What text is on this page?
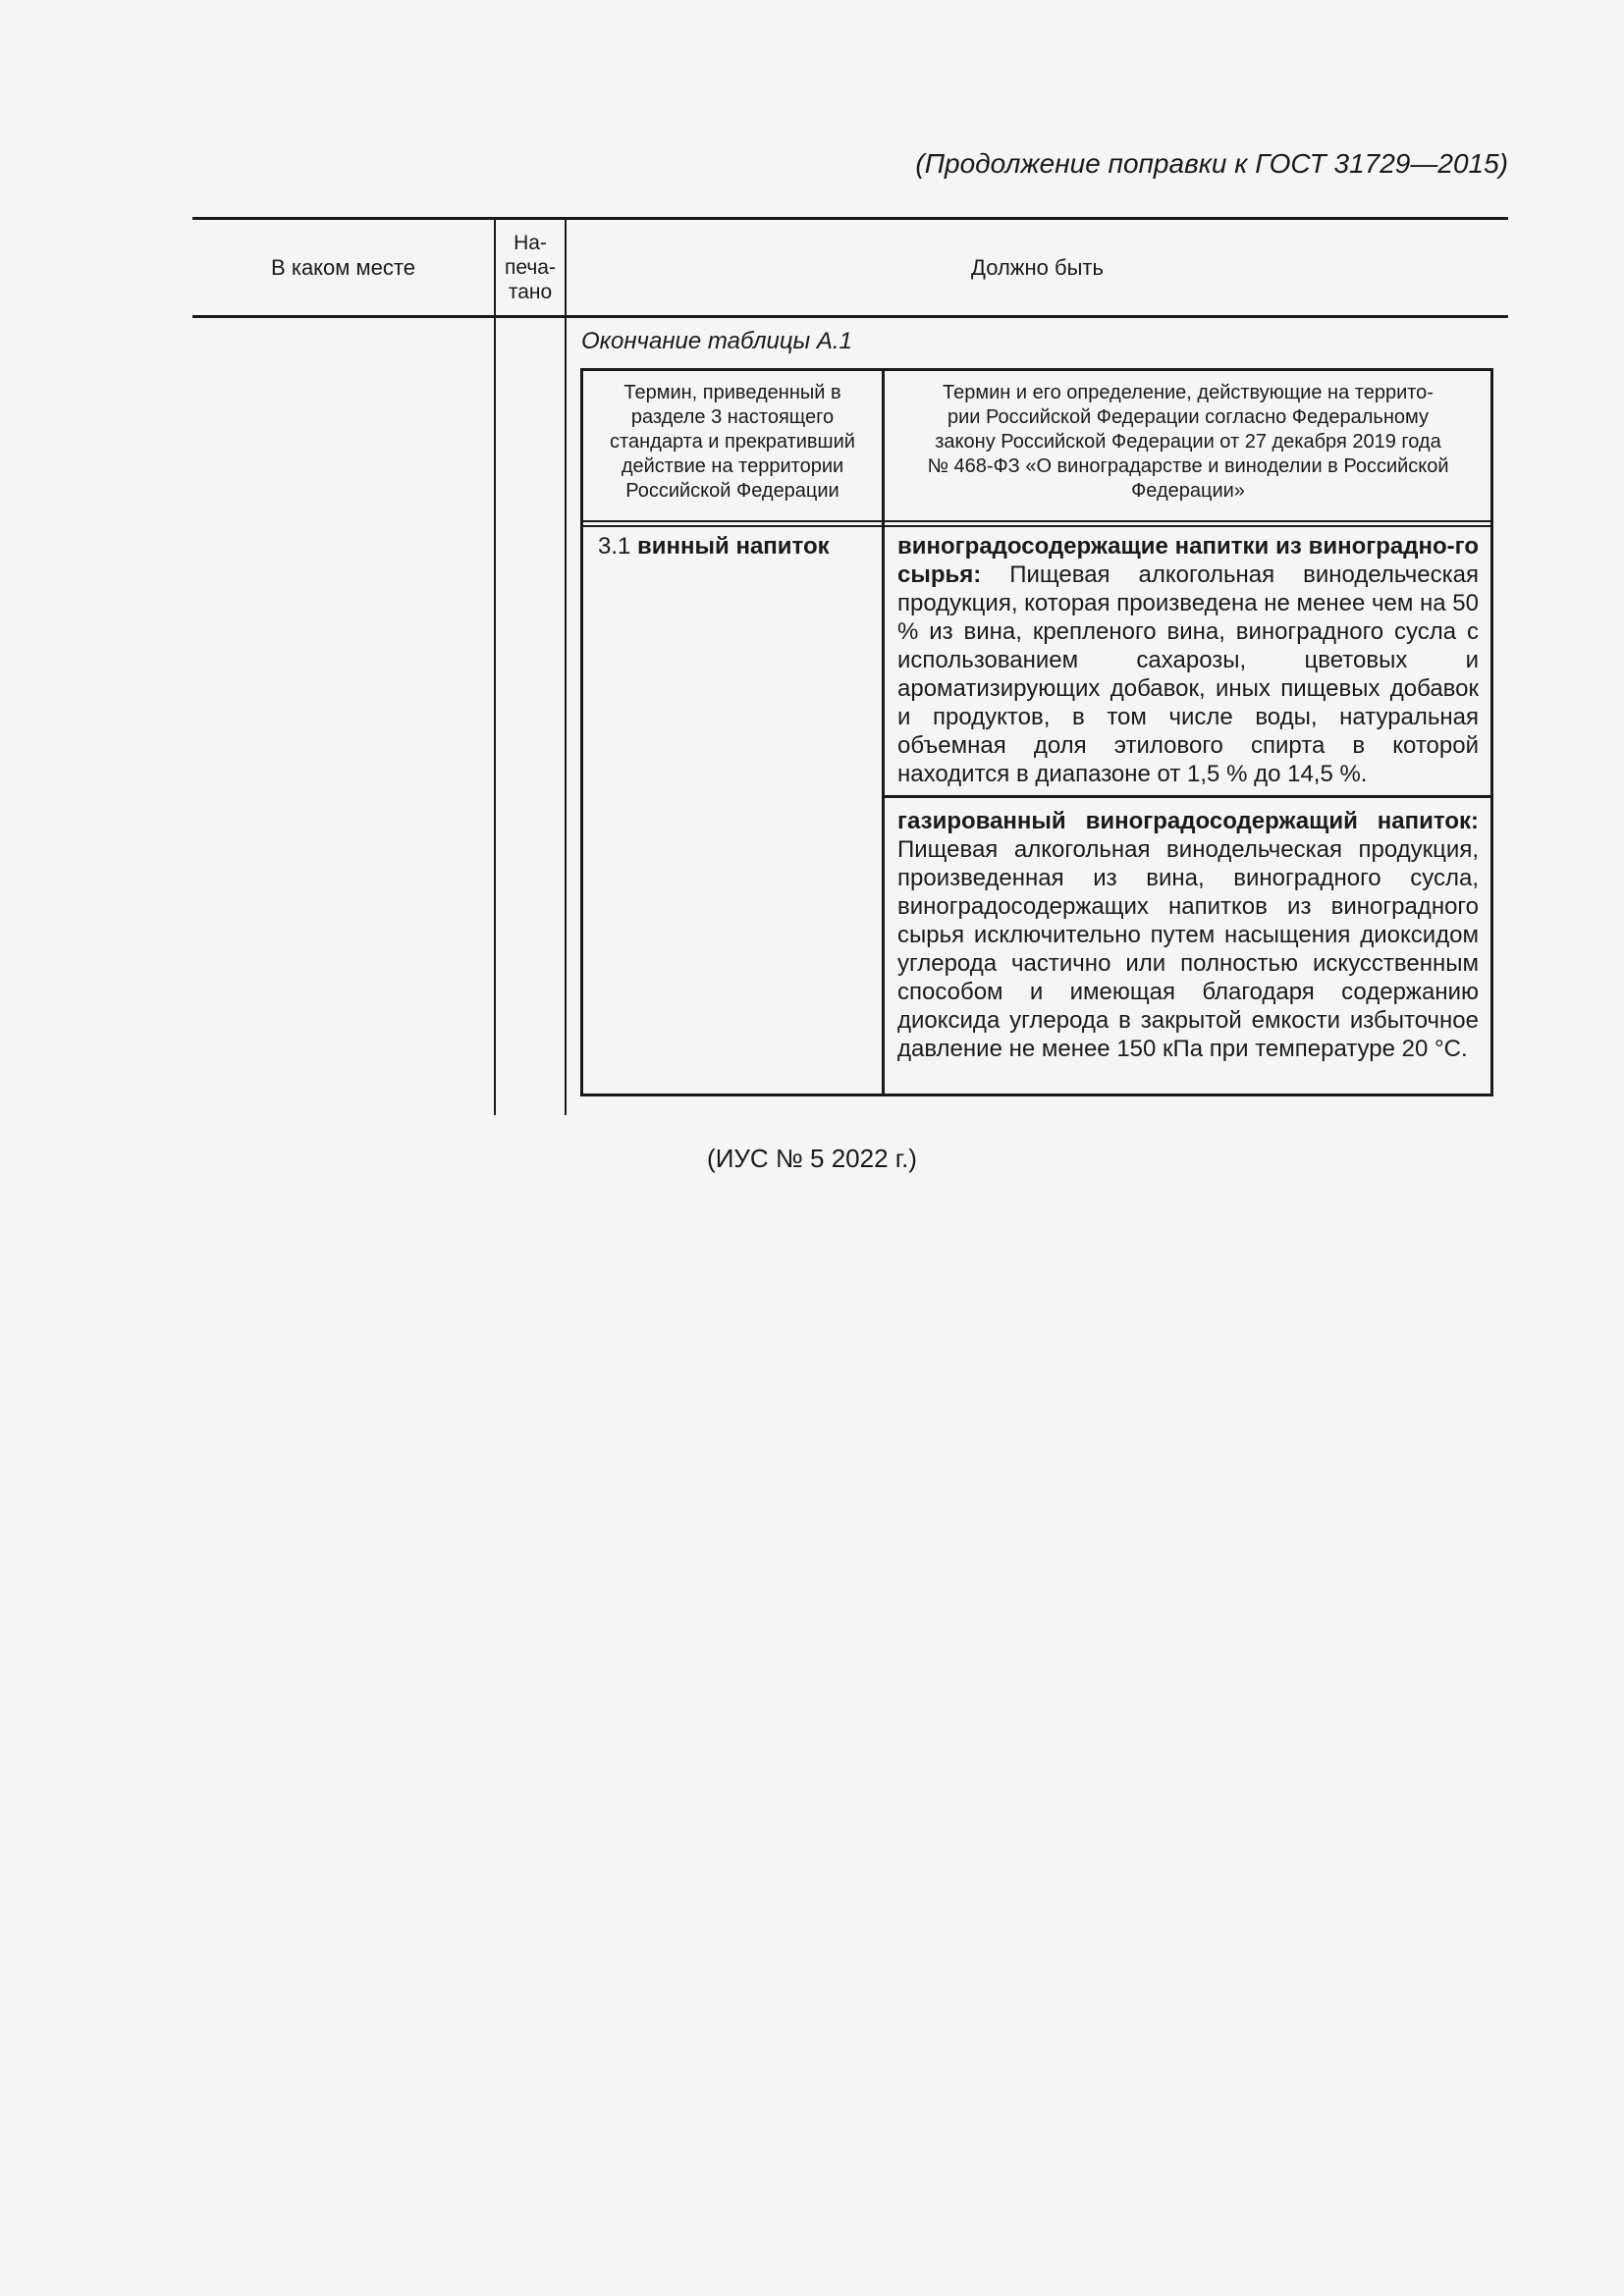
(Продолжение поправки к ГОСТ 31729—2015)
В каком месте
На-
печа-
тано
Должно быть
Окончание таблицы А.1
Термин, приведенный в
разделе 3 настоящего
стандарта и прекративший
действие на территории
Российской Федерации
Термин и его определение, действующие на террито-
рии Российской Федерации согласно Федеральному
закону Российской Федерации от 27 декабря 2019 года
№ 468-ФЗ «О виноградарстве и виноделии в Российской
Федерации»
3.1 винный напиток	виноградосодержащие напитки из виноградно-го сырья: Пищевая алкогольная винодельческая продукция, которая произведена не менее чем на 50 % из вина, крепленого вина, виноградного сусла с использованием сахарозы, цветовых и ароматизирующих добавок, иных пищевых добавок и продуктов, в том числе воды, натуральная объемная доля этилового спирта в которой находится в диапазоне от 1,5 % до 14,5 %.
газированный виноградосодержащий напиток: Пищевая алкогольная винодельческая продукция, произведенная из вина, виноградного сусла, виноградосодержащих напитков из виноградного сырья исключительно путем насыщения диоксидом углерода частично или полностью искусственным способом и имеющая благодаря содержанию диоксида углерода в закрытой емкости избыточное давление не менее 150 кПа при температуре 20 °С.
(ИУС № 5 2022 г.)
